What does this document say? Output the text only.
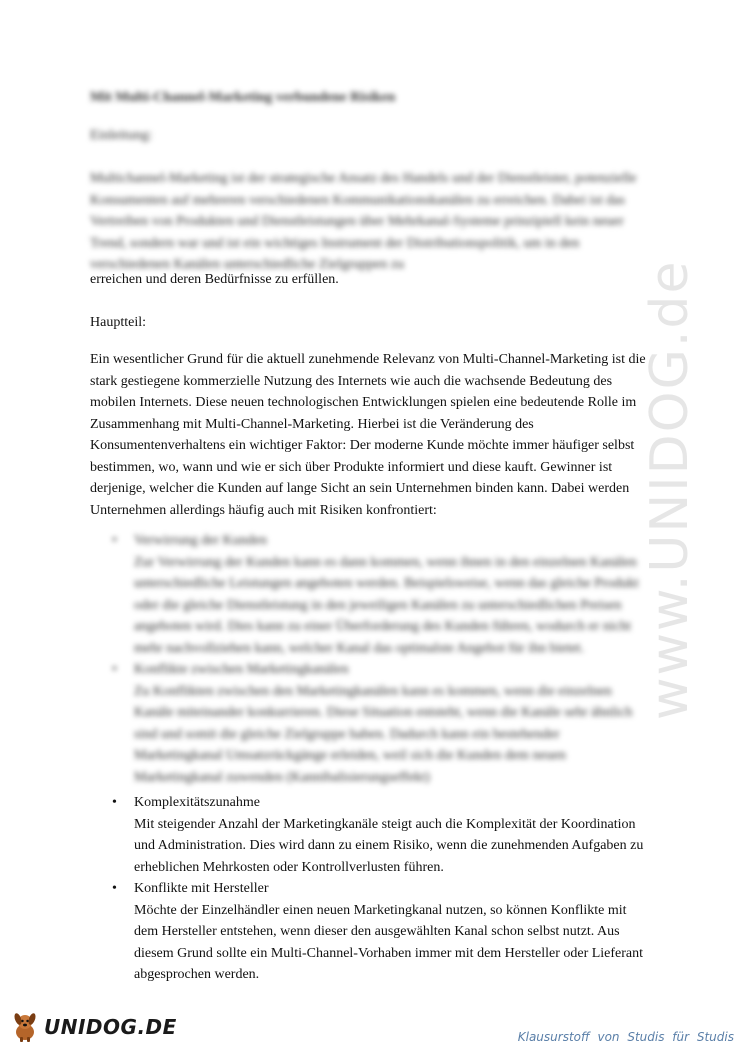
Mit Multi-Channel-Marketing verbundene Risiken
Einleitung:
Multichannel-Marketing ist der strategische Ansatz des Handels und der Dienstleister, potenzielle Konsumenten auf mehreren verschiedenen Kommunikationskanälen zu erreichen. Dabei ist das Vertreiben von Produkten und Dienstleistungen über Mehrkanal-Systeme prinzipiell kein neuer Trend, sondern war und ist ein wichtiges Instrument der Distributionspolitik, um in den verschiedenen Kanälen unterschiedliche Zielgruppen zu
erreichen und deren Bedürfnisse zu erfüllen.
Hauptteil:
Ein wesentlicher Grund für die aktuell zunehmende Relevanz von Multi-Channel-Marketing ist die stark gestiegene kommerzielle Nutzung des Internets wie auch die wachsende Bedeutung des mobilen Internets. Diese neuen technologischen Entwicklungen spielen eine bedeutende Rolle im Zusammenhang mit Multi-Channel-Marketing. Hierbei ist die Veränderung des Konsumentenverhaltens ein wichtiger Faktor: Der moderne Kunde möchte immer häufiger selbst bestimmen, wo, wann und wie er sich über Produkte informiert und diese kauft. Gewinner ist derjenige, welcher die Kunden auf lange Sicht an sein Unternehmen binden kann. Dabei werden Unternehmen allerdings häufig auch mit Risiken konfrontiert:
• Verwirrung der Kunden
Zur Verwirrung der Kunden kann es dann kommen, wenn ihnen in den einzelnen Kanälen unterschiedliche Leistungen angeboten werden. Beispielsweise, wenn das gleiche Produkt oder die gleiche Dienstleistung in den jeweiligen Kanälen zu unterschiedlichen Preisen angeboten wird. Dies kann zu einer Überforderung des Kunden führen, wodurch er nicht mehr nachvollziehen kann, welcher Kanal das optimalste Angebot für ihn bietet.
• Konflikte zwischen Marketingkanälen
Zu Konflikten zwischen den Marketingkanälen kann es kommen, wenn die einzelnen Kanäle miteinander konkurrieren. Diese Situation entsteht, wenn die Kanäle sehr ähnlich sind und somit die gleiche Zielgruppe haben. Dadurch kann ein bestehender Marketingkanal Umsatzrückgänge erleiden, weil sich die Kunden dem neuen Marketingkanal zuwenden (Kannibalisierungseffekt)
• Komplexitätszunahme
Mit steigender Anzahl der Marketingkanäle steigt auch die Komplexität der Koordination und Administration. Dies wird dann zu einem Risiko, wenn die zunehmenden Aufgaben zu erheblichen Mehrkosten oder Kontrollverlusten führen.
• Konflikte mit Hersteller
Möchte der Einzelhändler einen neuen Marketingkanal nutzen, so können Konflikte mit dem Hersteller entstehen, wenn dieser den ausgewählten Kanal schon selbst nutzt. Aus diesem Grund sollte ein Multi-Channel-Vorhaben immer mit dem Hersteller oder Lieferant abgesprochen werden.
www.UNIDOG.de
UNIDOG.DE	Klausurstoff von Studis für Studis
